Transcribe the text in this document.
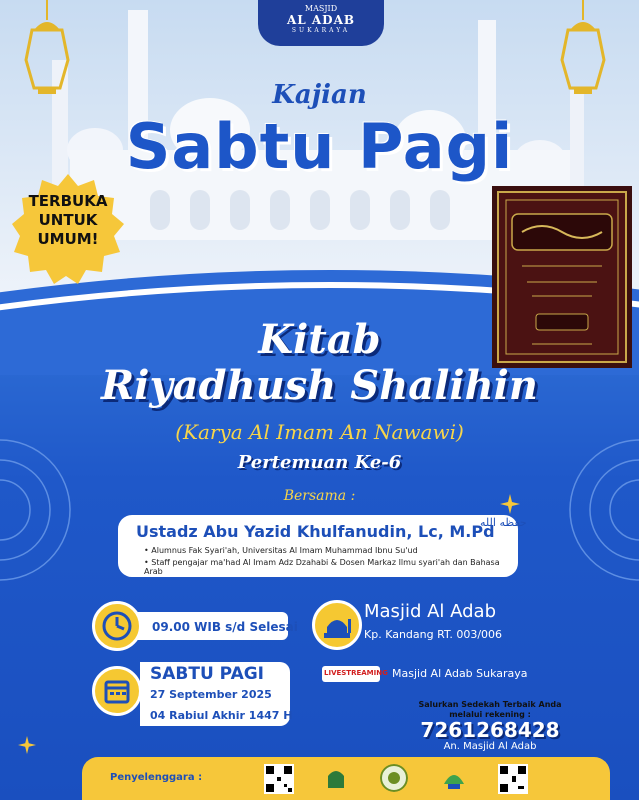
MASJID
AL ADAB
SUKARAYA
Kajian
Sabtu Pagi
TERBUKA
UNTUK
UMUM!
Kitab
Riyadhush Shalihin
(Karya Al Imam An Nawawi)
Pertemuan Ke-6
Bersama :
Ustadz Abu Yazid Khulfanudin, Lc, M.Pd
حفظه الله
• Alumnus Fak Syari'ah, Universitas Al Imam Muhammad Ibnu Su'ud
• Staff pengajar ma'had Al Imam Adz Dzahabi & Dosen Markaz Ilmu syari'ah dan Bahasa Arab
09.00 WIB s/d Selesai
Masjid Al Adab
Kp. Kandang RT. 003/006
LIVESTREAMING Masjid Al Adab Sukaraya
SABTU PAGI
27 September 2025
04 Rabiul Akhir 1447 H
Salurkan Sedekah Terbaik Anda
melalui rekening :
7261268428
An. Masjid Al Adab
Penyelenggara :
